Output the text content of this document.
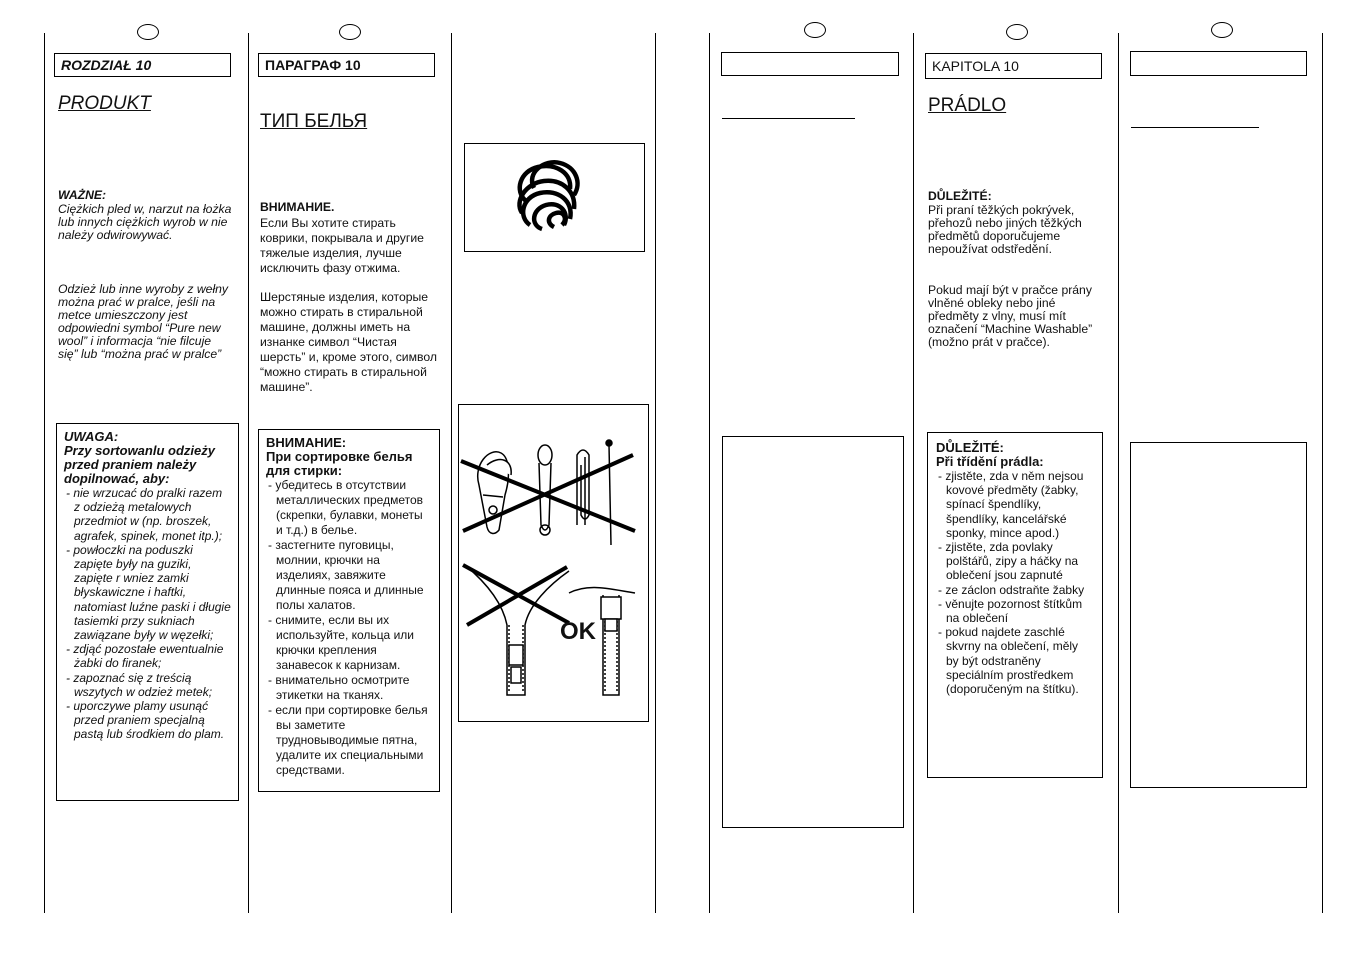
ROZDZIAŁ 10
PRODUKT
WAŻNE:
Ciężkich pled w, narzut na łożka lub innych ciężkich wyrob w nie należy odwirowywać.
Odzież lub inne wyroby z wełny można prać w pralce, jeśli na metce umieszczony jest odpowiedni symbol “Pure new wool” i informacja “nie filcuje się” lub “można prać w pralce”
UWAGA:
Przy sortowanlu odzieży przed praniem należy dopilnować, aby:
- nie wrzucać do pralki razem z odzieżą metalowych przedmiot w (np. broszek, agrafek, spinek, monet itp.);
- powłoczki na poduszki zapięte były na guziki, zapięte r wniez zamki błyskawiczne i haftki, natomiast luźne paski i długie tasiemki przy sukniach zawiązane były w węzełki;
- zdjąć pozostałe ewentualnie żabki do firanek;
- zapoznać się z treścią wszytych w odzież metek;
- uporczywe plamy usunąć przed praniem specjalną pastą lub środkiem do plam.
ПАРАГРАФ 10
ТИП БЕЛЬЯ
ВНИМАНИЕ.
Если Вы хотите стирать коврики, покрывала и другие тяжелые изделия, лучше исключить фазу отжима.
Шерстяные изделия, которые можно стирать в стиральной машине, должны иметь на изнанке символ “Чистая шерсть” и, кроме этого, символ “можно стирать в стиральной машине”.
ВНИМАНИЕ:
При сортировке белья для стирки:
- убедитесь в отсутствии металлических предметов (скрепки, булавки, монеты и т.д.) в белье.
- застегните пуговицы, молнии, крючки на изделиях, завяжите длинные пояса и длинные полы халатов.
- снимите, если вы их используйте, кольца или крючки крепления занавесок к карнизам.
- внимательно осмотрите этикетки на тканях.
- если при сортировке белья вы заметите трудновыводимые пятна, удалите их специальными средствами.
OK
KAPITOLA 10
PRÁDLO
DŮLEŽITÉ:
Při praní těžkých pokrývek, přehozů nebo jiných těžkých předmětů doporučujeme nepoužívat odstředění.
Pokud mají být v pračce prány vlněné obleky nebo jiné předměty z vlny, musí mít označení “Machine Washable” (možno prát v pračce).
DŮLEŽITÉ:
Při třídění prádla:
- zjistěte, zda v něm nejsou kovové předměty (žabky, spínací špendlíky, špendlíky, kancelářské sponky, mince apod.)
- zjistěte, zda povlaky polštářů, zipy a háčky na oblečení jsou zapnuté
- ze záclon odstraňte žabky
- věnujte pozornost štítkům na oblečení
- pokud najdete zaschlé skvrny na oblečení, měly by být odstraněny speciálním prostředkem (doporučeným na štítku).
